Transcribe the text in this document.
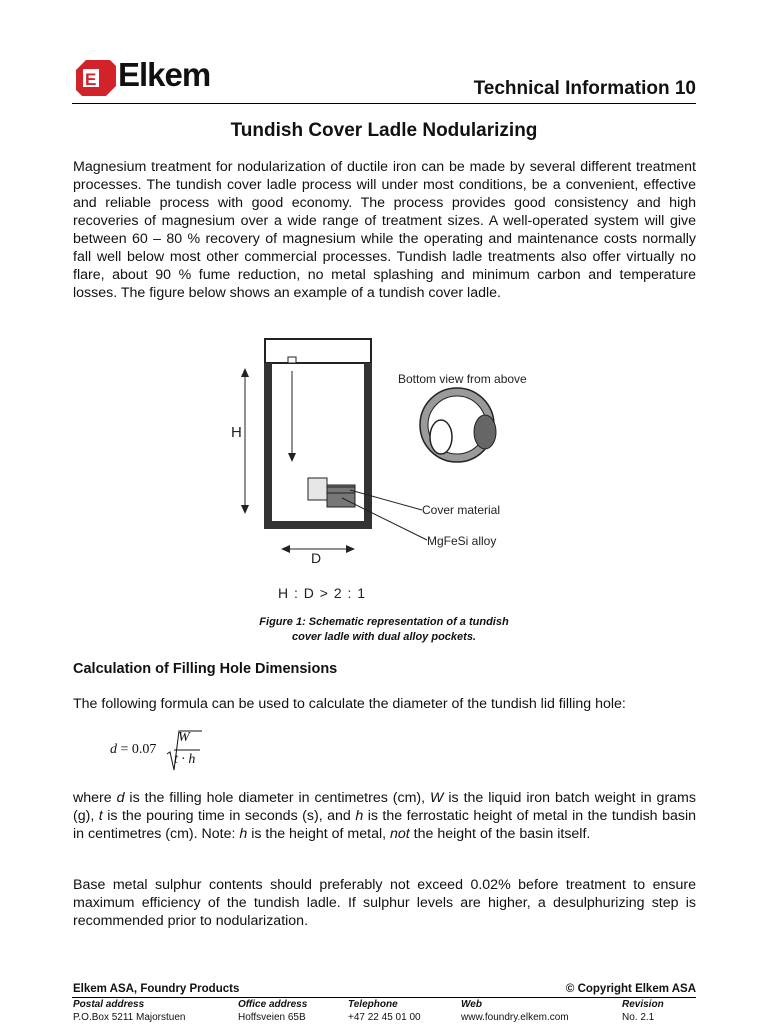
E Elkem	Technical Information 10
Tundish Cover Ladle Nodularizing

Magnesium treatment for nodularization of ductile iron can be made by several different treatment processes. The tundish cover ladle process will under most conditions, be a convenient, effective and reliable process with good economy. The process provides good consistency and high recoveries of magnesium over a wide range of treatment sizes. A well-operated system will give between 60 – 80 % recovery of magnesium while the operating and maintenance costs normally fall well below most other commercial processes. Tundish ladle treatments also offer virtually no flare, about 90 % fume reduction, no metal splashing and minimum carbon and temperature losses. The figure below shows an example of a tundish cover ladle.

H
D
H : D > 2 : 1
Bottom view from above
Cover material
MgFeSi alloy
Figure 1: Schematic representation of a tundish
cover ladle with dual alloy pockets.
Calculation of Filling Hole Dimensions

The following formula can be used to calculate the diameter of the tundish lid filling hole:

d = 0.07
W
t · h

where d is the filling hole diameter in centimetres (cm), W is the liquid iron batch weight in grams (g), t is the pouring time in seconds (s), and h is the ferrostatic height of metal in the tundish basin in centimetres (cm). Note: h is the height of metal, not the height of the basin itself.

Base metal sulphur contents should preferably not exceed 0.02% before treatment to ensure maximum efficiency of the tundish ladle. If sulphur levels are higher, a desulphurizing step is recommended prior to nodularization.

Elkem ASA, Foundry Products	© Copyright Elkem ASA
Postal address
P.O.Box 5211 Majorstuen
Office address
Hoffsveien 65B
Telephone
+47 22 45 01 00
Web
www.foundry.elkem.com
Revision
No. 2.1
